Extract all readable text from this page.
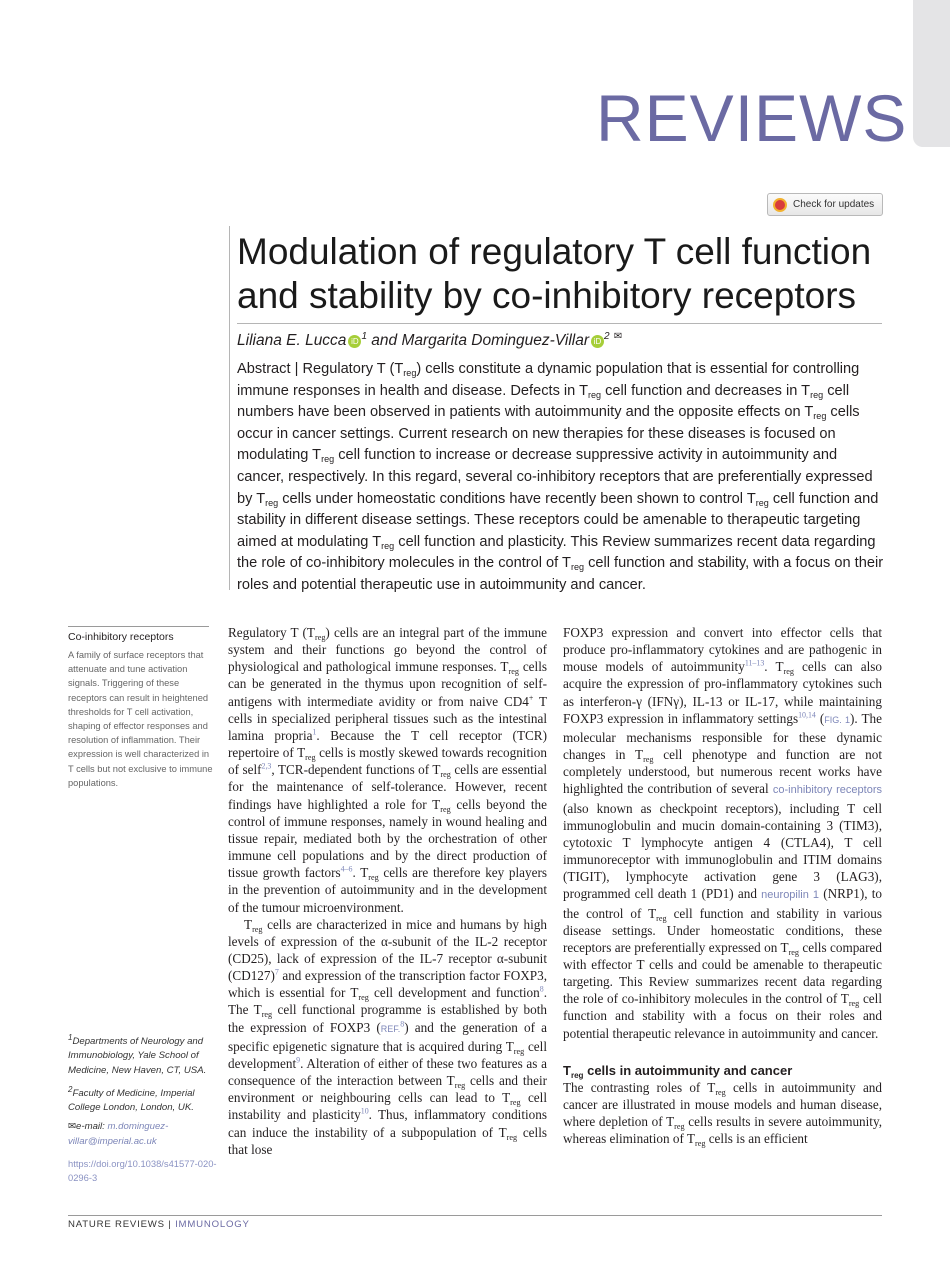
REVIEWS
Check for updates
Modulation of regulatory T cell function and stability by co-inhibitory receptors
Liliana E. Lucca iD $^1$ and Margarita Dominguez-Villar iD $^2$ ✉
Abstract | Regulatory T $(T_{reg})$ cells constitute a dynamic population that is essential for controlling immune responses in health and disease. Defects in $T_{reg}$ cell function and decreases in $T_{reg}$ cell numbers have been observed in patients with autoimmunity and the opposite effects on $T_{reg}$ cells occur in cancer settings. Current research on new therapies for these diseases is focused on modulating $T_{reg}$ cell function to increase or decrease suppressive activity in autoimmunity and cancer, respectively. In this regard, several co-inhibitory receptors that are preferentially expressed by $T_{reg}$ cells under homeostatic conditions have recently been shown to control $T_{reg}$ cell function and stability in different disease settings. These receptors could be amenable to therapeutic targeting aimed at modulating $T_{reg}$ cell function and plasticity. This Review summarizes recent data regarding the role of co-inhibitory molecules in the control of $T_{reg}$ cell function and stability, with a focus on their roles and potential therapeutic use in autoimmunity and cancer.
Co-inhibitory receptors
A family of surface receptors that attenuate and tune activation signals. Triggering of these receptors can result in heightened thresholds for T cell activation, shaping of effector responses and resolution of inflammation. Their expression is well characterized in T cells but not exclusive to immune populations.

$^1$Departments of Neurology and Immunobiology, Yale School of Medicine, New Haven, CT, USA.

$^2$Faculty of Medicine, Imperial College London, London, UK.

✉e-mail: m.dominguez-villar@imperial.ac.uk

https://doi.org/10.1038/s41577-020-0296-3

Regulatory T $(T_{reg})$ cells are an integral part of the immune system and their functions go beyond the control of physiological and pathological immune responses. $T_{reg}$ cells can be generated in the thymus upon recognition of self-antigens with intermediate avidity or from naive CD4+ T cells in specialized peripheral tissues such as the intestinal lamina propria$^1$. Because the T cell receptor (TCR) repertoire of $T_{reg}$ cells is mostly skewed towards recognition of self$^{2,3}$, TCR-dependent functions of $T_{reg}$ cells are essential for the maintenance of self-tolerance. However, recent findings have highlighted a role for $T_{reg}$ cells beyond the control of immune responses, namely in wound healing and tissue repair, mediated both by the orchestration of other immune cell populations and by the direct production of tissue growth factors$^{4-6}$. $T_{reg}$ cells are therefore key players in the prevention of autoimmunity and in the development of the tumour microenvironment.

$T_{reg}$ cells are characterized in mice and humans by high levels of expression of the α-subunit of the IL-2 receptor (CD25), lack of expression of the IL-7 receptor α-subunit (CD127)$^7$ and expression of the transcription factor FOXP3, which is essential for $T_{reg}$ cell development and function$^8$. The $T_{reg}$ cell functional programme is established by both the expression of FOXP3 (REF.$^8$) and the generation of a specific epigenetic signature that is acquired during $T_{reg}$ cell development$^9$. Alteration of either of these two features as a consequence of the interaction between $T_{reg}$ cells and their environment or neighbouring cells can lead to $T_{reg}$ cell instability and plasticity$^{10}$. Thus, inflammatory conditions can induce the instability of a subpopulation of $T_{reg}$ cells that lose

FOXP3 expression and convert into effector cells that produce pro-inflammatory cytokines and are pathogenic in mouse models of autoimmunity$^{11-13}$. $T_{reg}$ cells can also acquire the expression of pro-inflammatory cytokines such as interferon-γ (IFNγ), IL-13 or IL-17, while maintaining FOXP3 expression in inflammatory settings$^{10,14}$ (FIG. 1). The molecular mechanisms responsible for these dynamic changes in $T_{reg}$ cell phenotype and function are not completely understood, but numerous recent works have highlighted the contribution of several co-inhibitory receptors (also known as checkpoint receptors), including T cell immunoglobulin and mucin domain-containing 3 (TIM3), cytotoxic T lymphocyte antigen 4 (CTLA4), T cell immunoreceptor with immunoglobulin and ITIM domains (TIGIT), lymphocyte activation gene 3 (LAG3), programmed cell death 1 (PD1) and neuropilin 1 (NRP1), to the control of $T_{reg}$ cell function and stability in various disease settings. Under homeostatic conditions, these receptors are preferentially expressed on $T_{reg}$ cells compared with effector T cells and could be amenable to therapeutic targeting. This Review summarizes recent data regarding the role of co-inhibitory molecules in the control of $T_{reg}$ cell function and stability with a focus on their roles and potential therapeutic relevance in autoimmunity and cancer.

$T_{reg}$ cells in autoimmunity and cancer

The contrasting roles of $T_{reg}$ cells in autoimmunity and cancer are illustrated in mouse models and human disease, where depletion of $T_{reg}$ cells results in severe autoimmunity, whereas elimination of $T_{reg}$ cells is an efficient

NATURE REVIEWS | IMMUNOLOGY
